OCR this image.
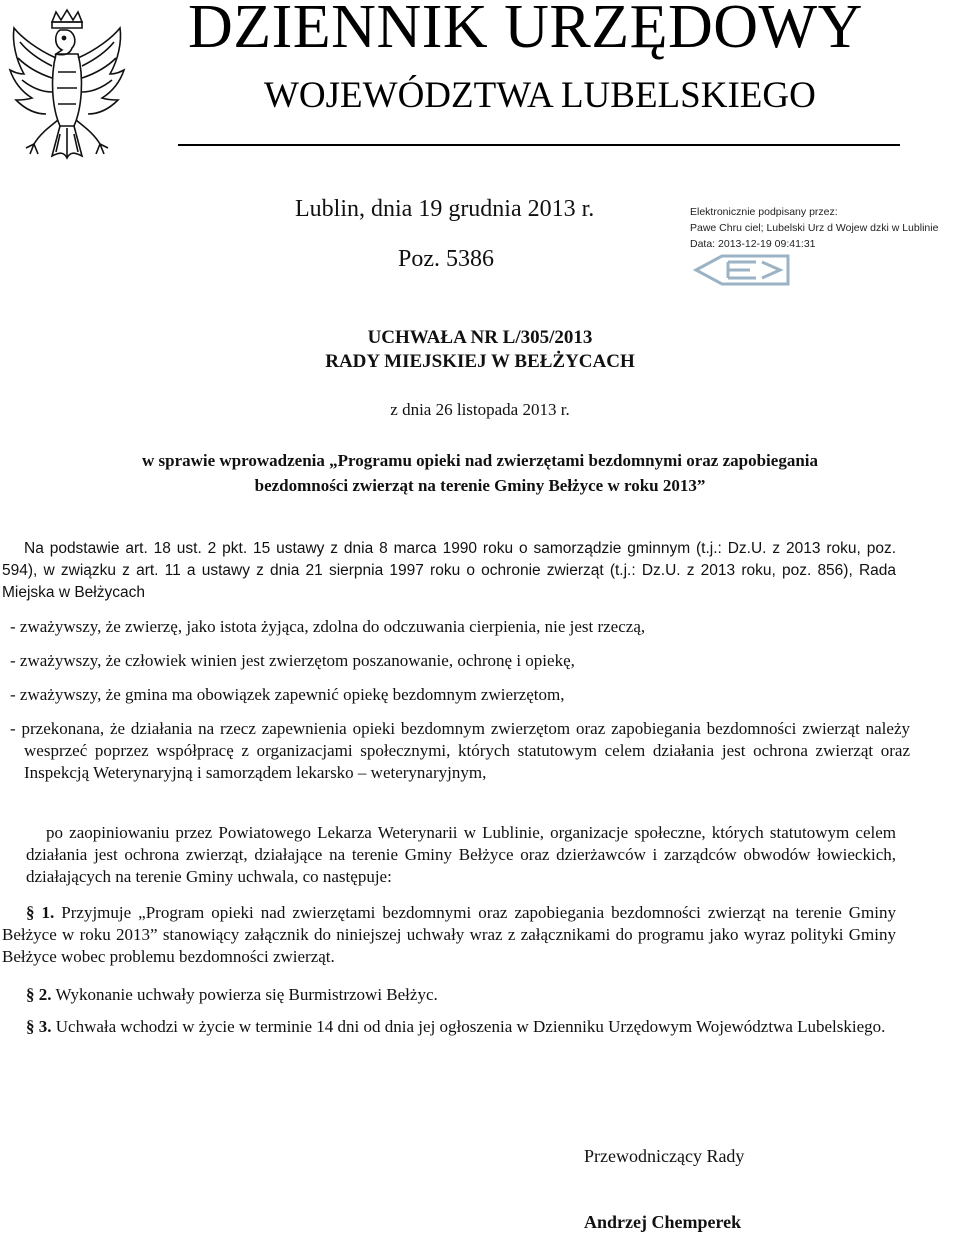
DZIENNIK URZĘDOWY
WOJEWÓDZTWA LUBELSKIEGO
Lublin, dnia 19 grudnia 2013 r.
Poz. 5386
Elektronicznie podpisany przez:
Pawe Chru ciel; Lubelski Urz d Wojew dzki w Lublinie
Data: 2013-12-19 09:41:31
UCHWAŁA NR L/305/2013
RADY MIEJSKIEJ W BEŁŻYCACH
z dnia 26 listopada 2013 r.
w sprawie wprowadzenia „Programu opieki nad zwierzętami bezdomnymi oraz zapobiegania
bezdomności zwierząt na terenie Gminy Bełżyce w roku 2013”
Na podstawie art. 18 ust. 2 pkt. 15 ustawy z dnia 8 marca 1990 roku o samorządzie gminnym (t.j.: Dz.U. z 2013 roku, poz. 594), w związku z art. 11 a ustawy z dnia 21 sierpnia 1997 roku o ochronie zwierząt (t.j.: Dz.U. z 2013 roku, poz. 856), Rada Miejska w Bełżycach
- zważywszy, że zwierzę, jako istota żyjąca, zdolna do odczuwania cierpienia, nie jest rzeczą,
- zważywszy, że człowiek winien jest zwierzętom poszanowanie, ochronę i opiekę,
- zważywszy, że gmina ma obowiązek zapewnić opiekę bezdomnym zwierzętom,
- przekonana, że działania na rzecz zapewnienia opieki bezdomnym zwierzętom oraz zapobiegania bezdomności zwierząt należy wesprzeć poprzez współpracę z organizacjami społecznymi, których statutowym celem działania jest ochrona zwierząt oraz Inspekcją Weterynaryjną i samorządem lekarsko – weterynaryjnym,
po zaopiniowaniu przez Powiatowego Lekarza Weterynarii w Lublinie, organizacje społeczne, których statutowym celem działania jest ochrona zwierząt, działające na terenie Gminy Bełżyce oraz dzierżawców i zarządców obwodów łowieckich, działających na terenie Gminy uchwala, co następuje:
§ 1. Przyjmuje „Program opieki nad zwierzętami bezdomnymi oraz zapobiegania bezdomności zwierząt na terenie Gminy Bełżyce w roku 2013” stanowiący załącznik do niniejszej uchwały wraz z załącznikami do programu jako wyraz polityki Gminy Bełżyce wobec problemu bezdomności zwierząt.
§ 2. Wykonanie uchwały powierza się Burmistrzowi Bełżyc.
§ 3. Uchwała wchodzi w życie w terminie 14 dni od dnia jej ogłoszenia w Dzienniku Urzędowym Województwa Lubelskiego.
Przewodniczący Rady
Andrzej Chemperek
